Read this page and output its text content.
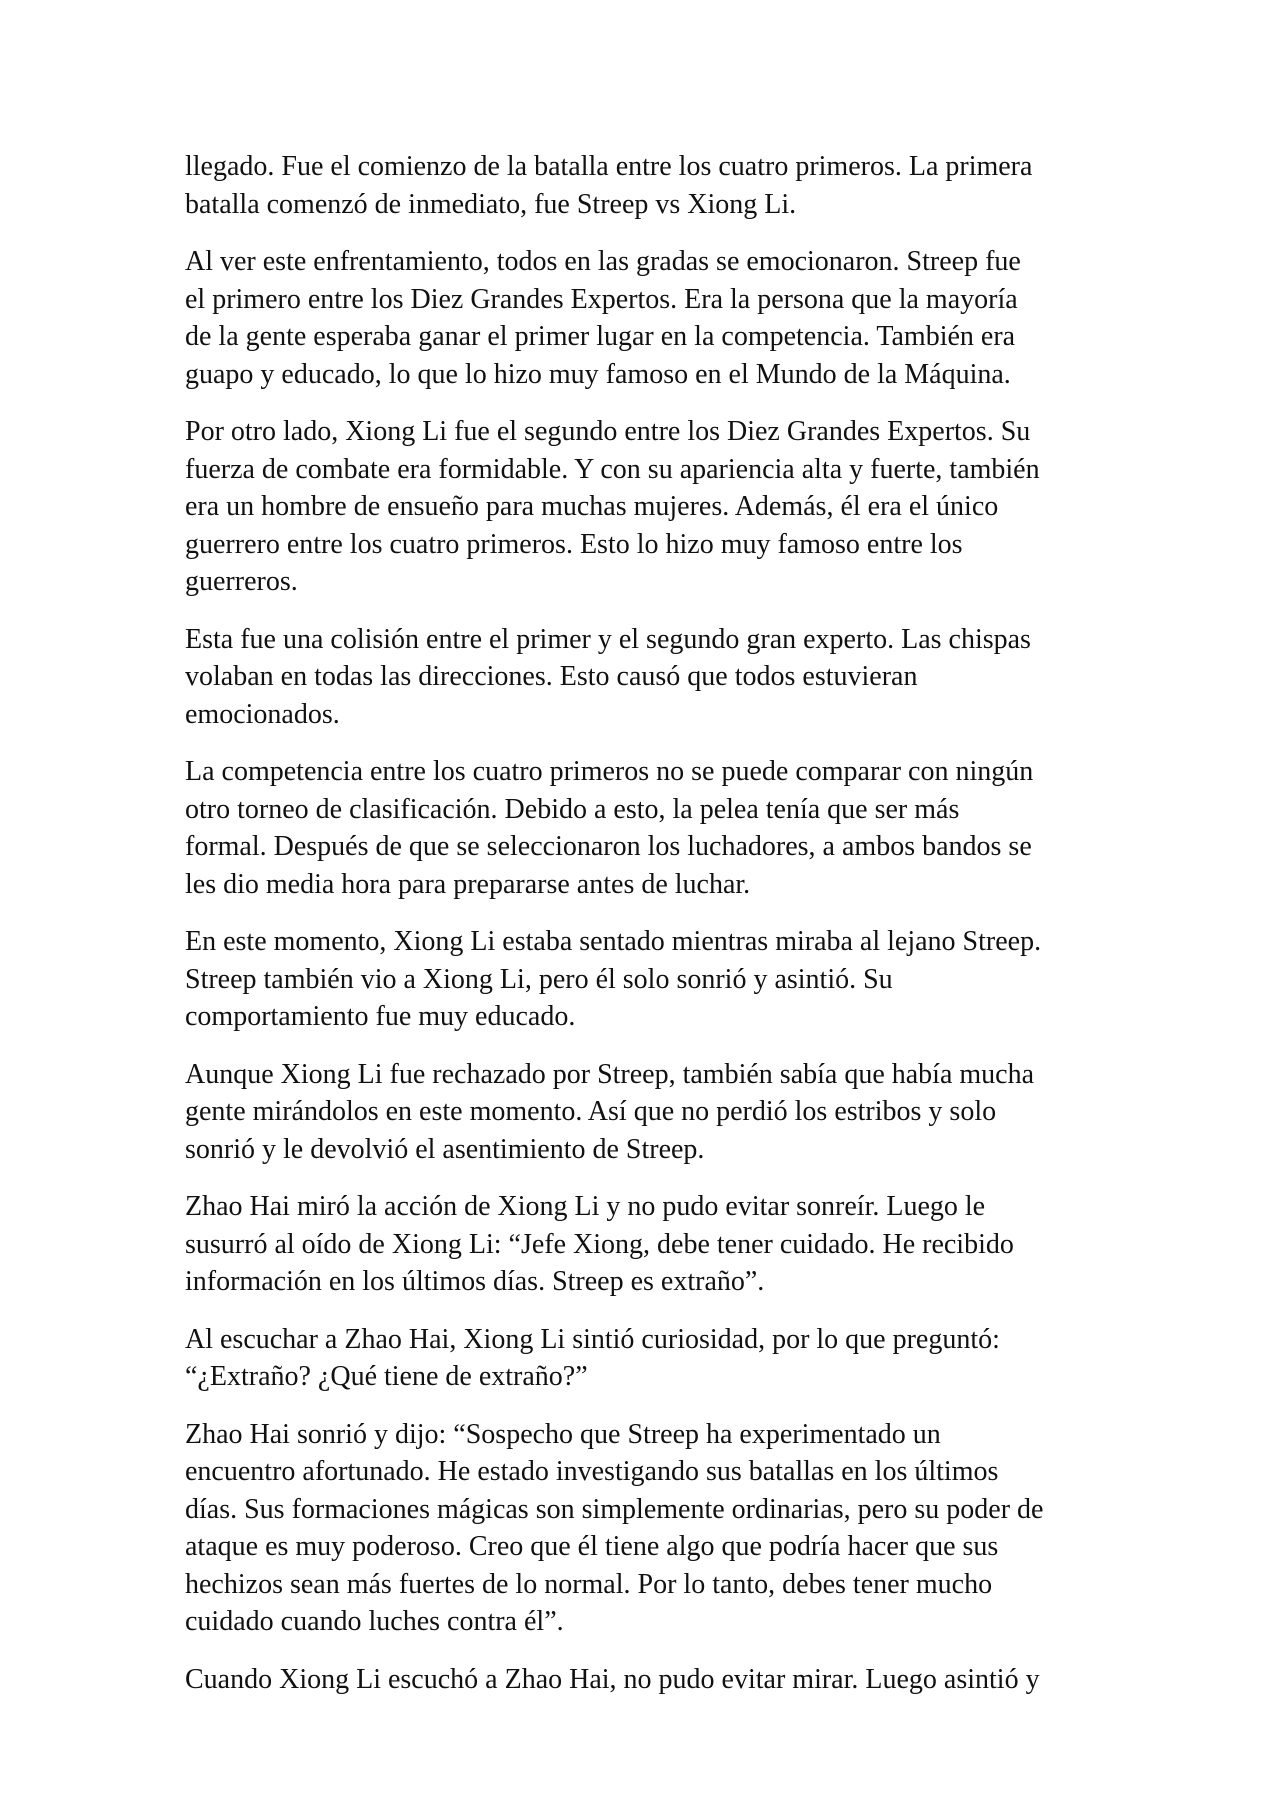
llegado. Fue el comienzo de la batalla entre los cuatro primeros. La primera
batalla comenzó de inmediato, fue Streep vs Xiong Li.

Al ver este enfrentamiento, todos en las gradas se emocionaron. Streep fue
el primero entre los Diez Grandes Expertos. Era la persona que la mayoría
de la gente esperaba ganar el primer lugar en la competencia. También era
guapo y educado, lo que lo hizo muy famoso en el Mundo de la Máquina.

Por otro lado, Xiong Li fue el segundo entre los Diez Grandes Expertos. Su
fuerza de combate era formidable. Y con su apariencia alta y fuerte, también
era un hombre de ensueño para muchas mujeres. Además, él era el único
guerrero entre los cuatro primeros. Esto lo hizo muy famoso entre los
guerreros.

Esta fue una colisión entre el primer y el segundo gran experto. Las chispas
volaban en todas las direcciones. Esto causó que todos estuvieran
emocionados.

La competencia entre los cuatro primeros no se puede comparar con ningún
otro torneo de clasificación. Debido a esto, la pelea tenía que ser más
formal. Después de que se seleccionaron los luchadores, a ambos bandos se
les dio media hora para prepararse antes de luchar.

En este momento, Xiong Li estaba sentado mientras miraba al lejano Streep.
Streep también vio a Xiong Li, pero él solo sonrió y asintió. Su
comportamiento fue muy educado.

Aunque Xiong Li fue rechazado por Streep, también sabía que había mucha
gente mirándolos en este momento. Así que no perdió los estribos y solo
sonrió y le devolvió el asentimiento de Streep.

Zhao Hai miró la acción de Xiong Li y no pudo evitar sonreír. Luego le
susurró al oído de Xiong Li: “Jefe Xiong, debe tener cuidado. He recibido
información en los últimos días. Streep es extraño”.

Al escuchar a Zhao Hai, Xiong Li sintió curiosidad, por lo que preguntó:
“¿Extraño? ¿Qué tiene de extraño?”

Zhao Hai sonrió y dijo: “Sospecho que Streep ha experimentado un
encuentro afortunado. He estado investigando sus batallas en los últimos
días. Sus formaciones mágicas son simplemente ordinarias, pero su poder de
ataque es muy poderoso. Creo que él tiene algo que podría hacer que sus
hechizos sean más fuertes de lo normal. Por lo tanto, debes tener mucho
cuidado cuando luches contra él”.

Cuando Xiong Li escuchó a Zhao Hai, no pudo evitar mirar. Luego asintió y
